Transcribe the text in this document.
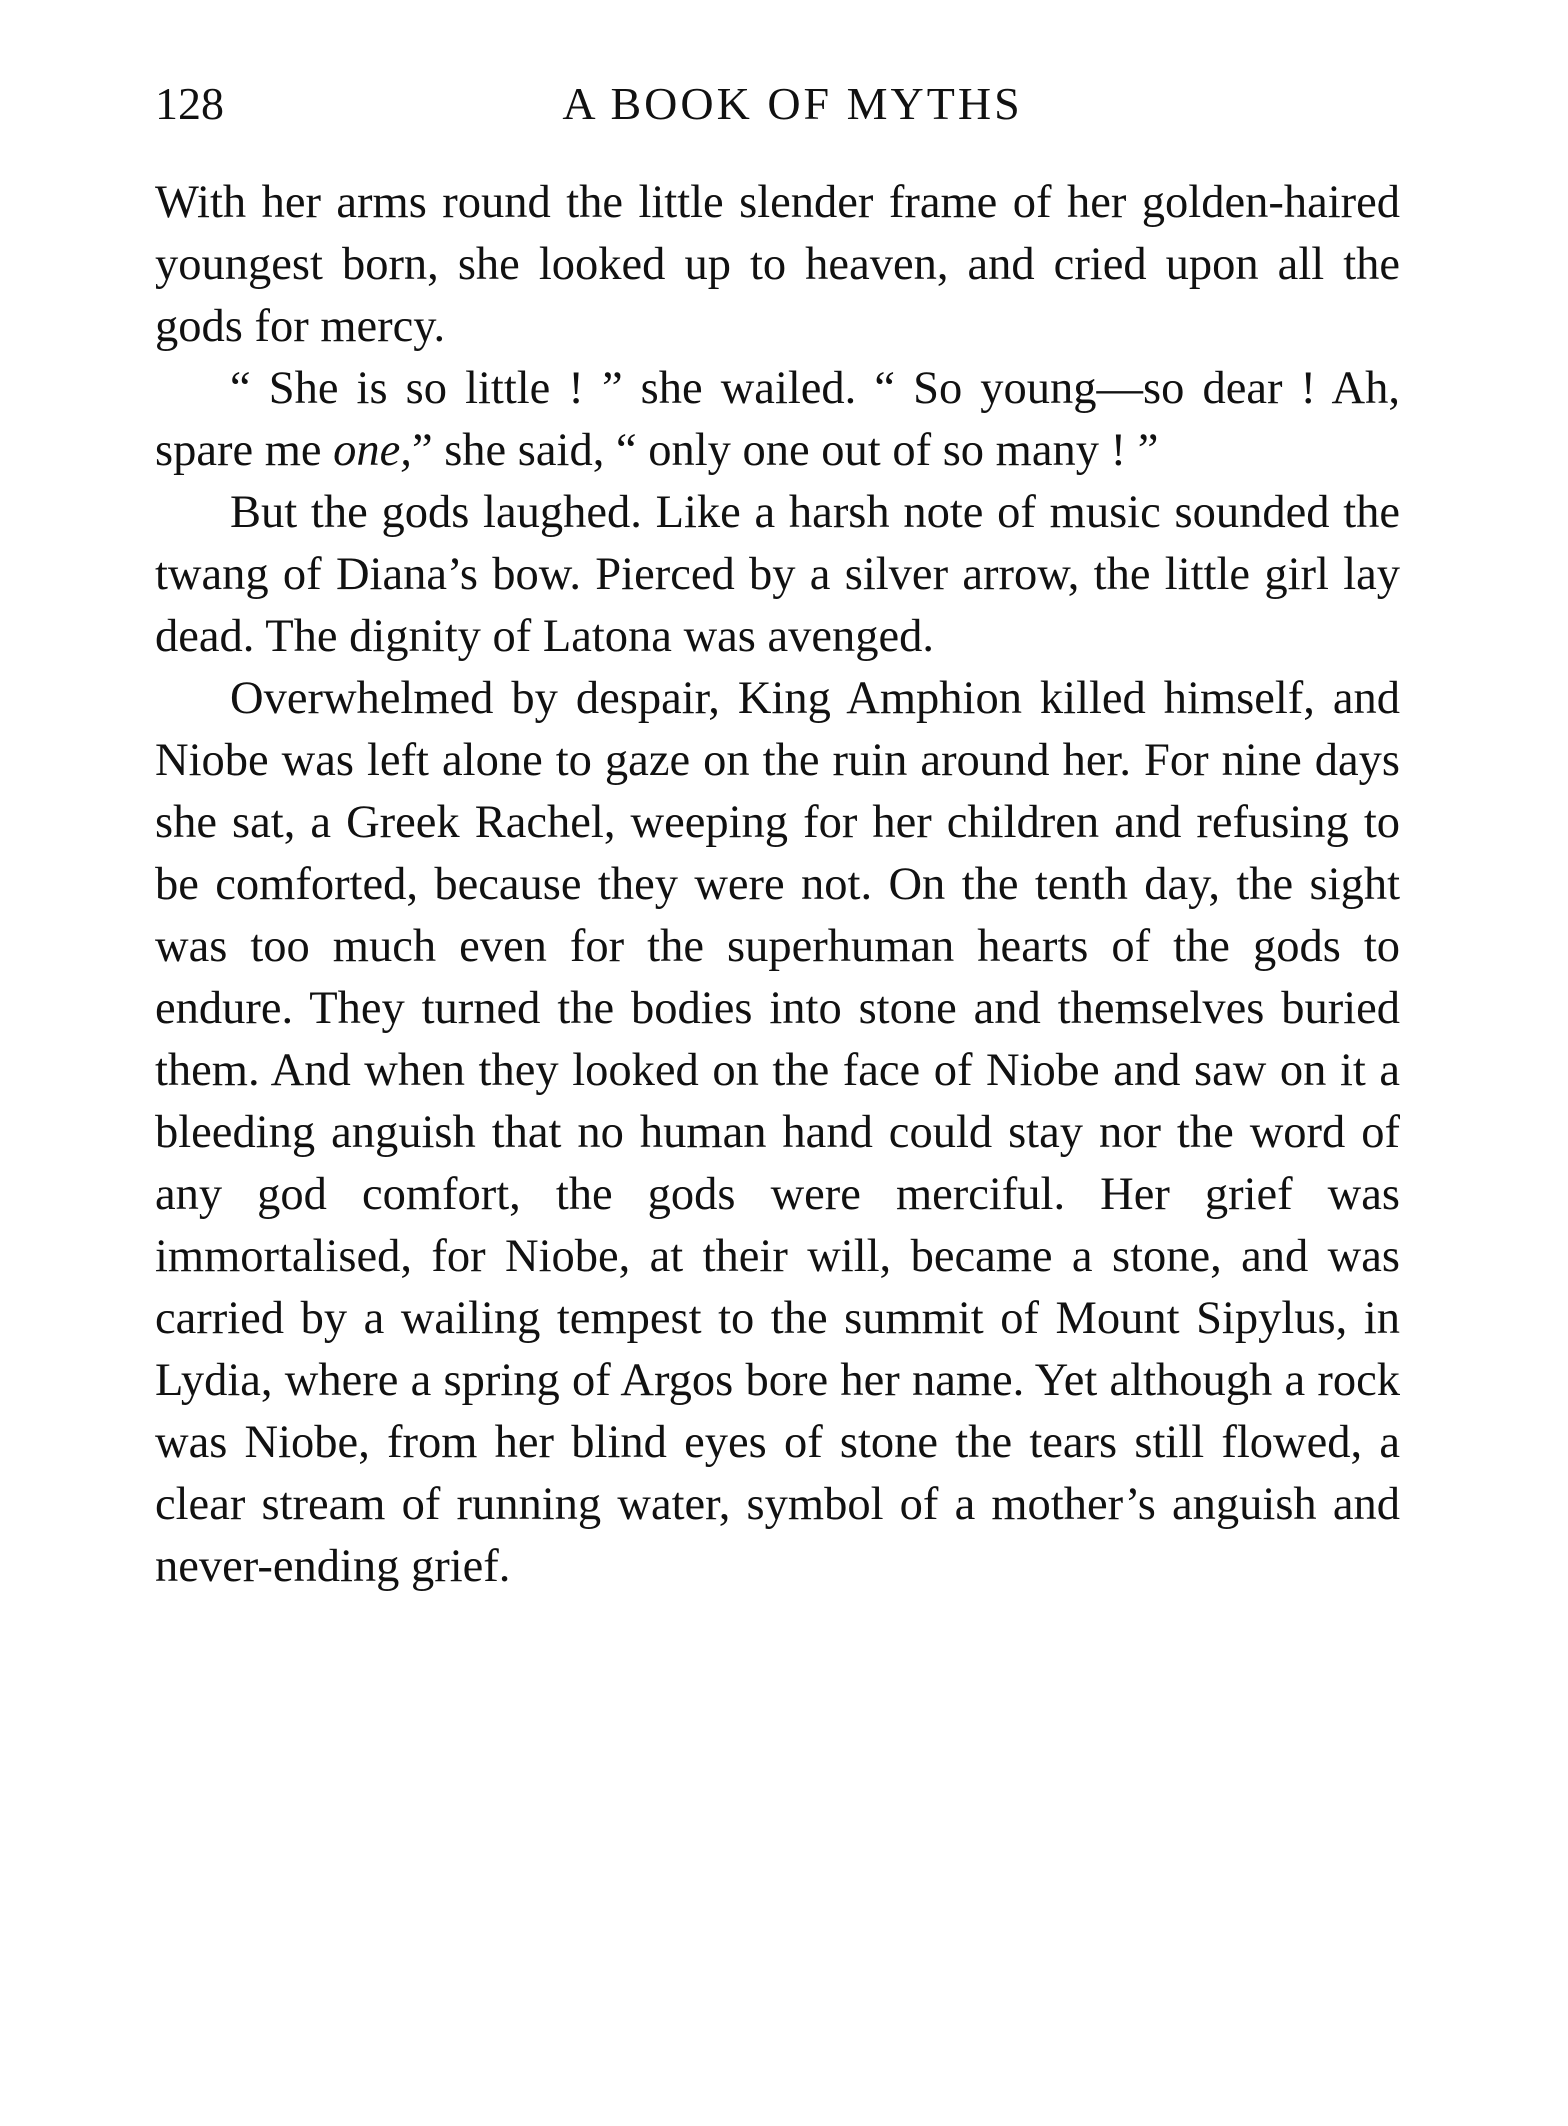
128	A BOOK OF MYTHS

With her arms round the little slender frame of her golden-haired youngest born, she looked up to heaven, and cried upon all the gods for mercy.

“ She is so little ! ” she wailed. “ So young—so dear ! Ah, spare me one,” she said, “ only one out of so many ! ”

But the gods laughed. Like a harsh note of music sounded the twang of Diana’s bow. Pierced by a silver arrow, the little girl lay dead. The dignity of Latona was avenged.

Overwhelmed by despair, King Amphion killed himself, and Niobe was left alone to gaze on the ruin around her. For nine days she sat, a Greek Rachel, weeping for her children and refusing to be comforted, because they were not. On the tenth day, the sight was too much even for the superhuman hearts of the gods to endure. They turned the bodies into stone and themselves buried them. And when they looked on the face of Niobe and saw on it a bleeding anguish that no human hand could stay nor the word of any god comfort, the gods were merciful. Her grief was immortalised, for Niobe, at their will, became a stone, and was carried by a wailing tempest to the summit of Mount Sipylus, in Lydia, where a spring of Argos bore her name. Yet although a rock was Niobe, from her blind eyes of stone the tears still flowed, a clear stream of running water, symbol of a mother’s anguish and never-ending grief.
